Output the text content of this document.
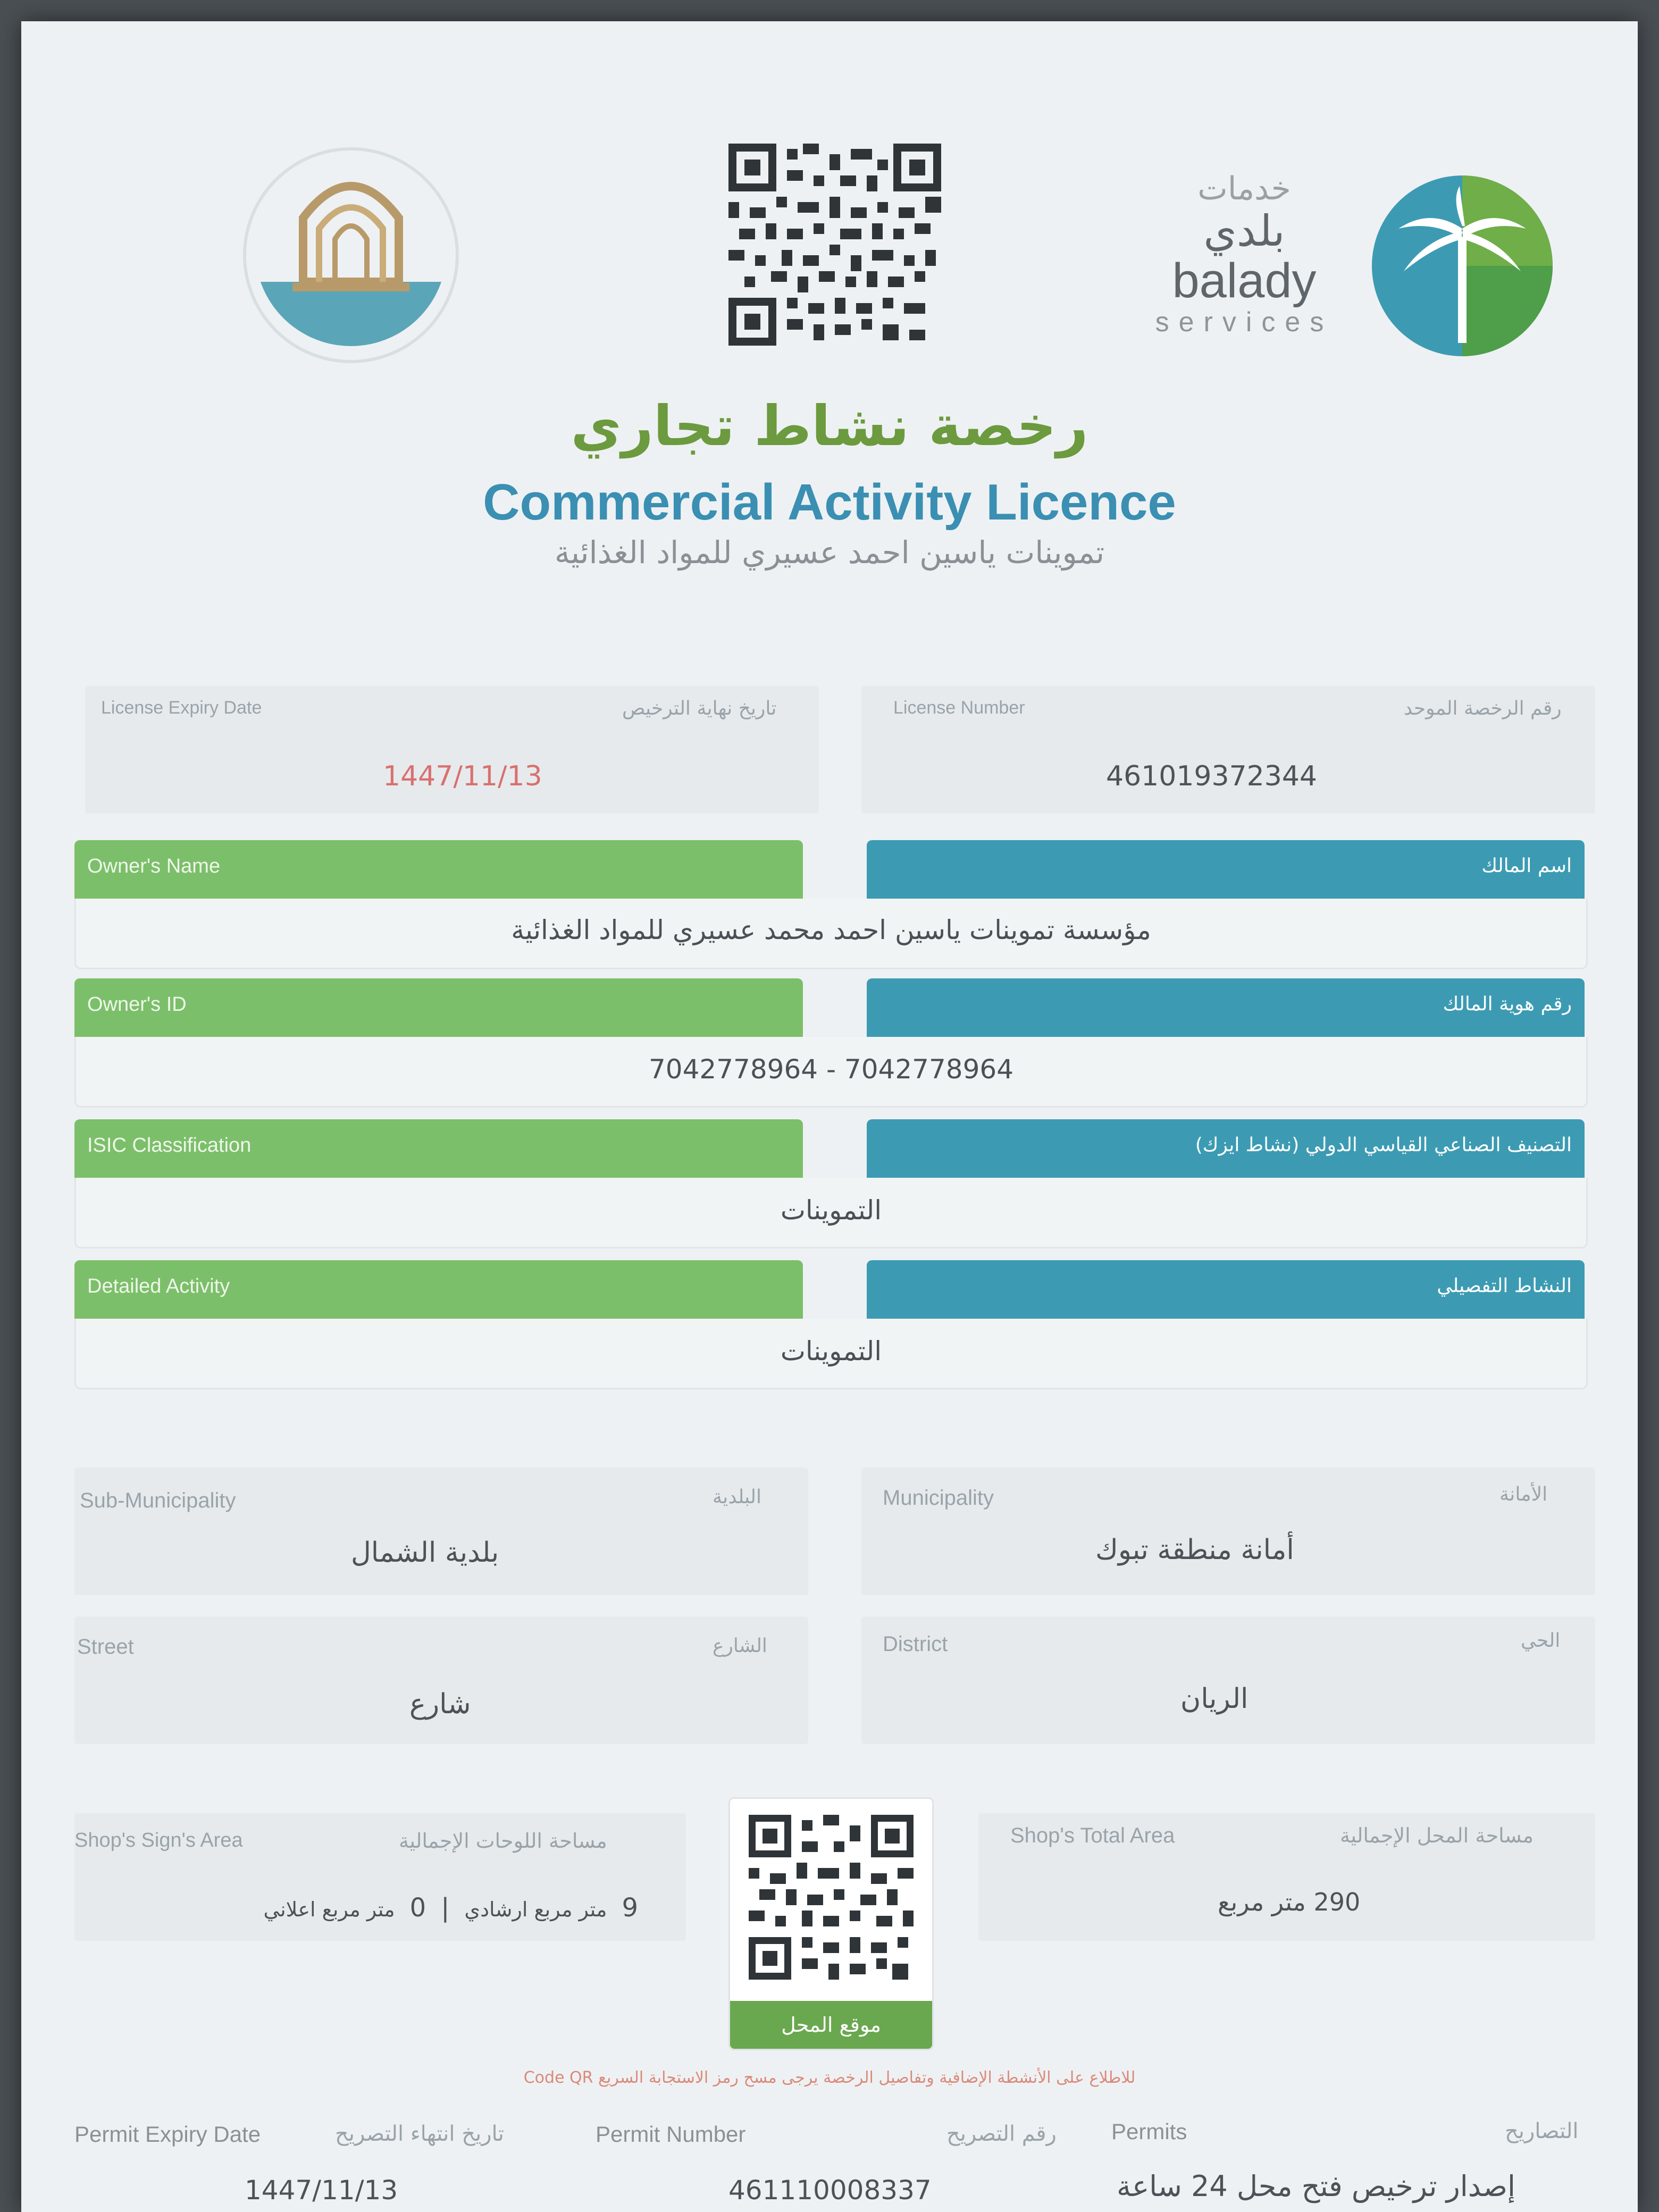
خدمات
بلدي
balady
services
رخصة نشاط تجاري
Commercial Activity Licence
تموينات ياسين احمد عسيري للمواد الغذائية
License Expiry Date	تاريخ نهاية الترخيص
1447/11/13
License Number	رقم الرخصة الموحد
461019372344
Owner's Name	اسم المالك
مؤسسة تموينات ياسين احمد محمد عسيري للمواد الغذائية
Owner's ID	رقم هوية المالك
7042778964 - 7042778964
ISIC Classification	التصنيف الصناعي القياسي الدولي (نشاط ايزك)
التموينات
Detailed Activity	النشاط التفصيلي
التموينات
Sub-Municipality	البلدية
بلدية الشمال
Municipality	الأمانة
أمانة منطقة تبوك
Street	الشارع
شارع
District	الحي
الريان
Shop's Sign's Area	مساحة اللوحات الإجمالية
9
متر مربع ارشادي
|
0
متر مربع اعلاني
Shop's Total Area	مساحة المحل الإجمالية
290 متر مربع
موقع المحل
للاطلاع على الأنشطة الإضافية وتفاصيل الرخصة يرجى مسح رمز الاستجابة السريع Code QR
Permit Expiry Date	تاريخ انتهاء التصريح
1447/11/13
Permit Number	رقم التصريح
461110008337
Permits	التصاريح
إصدار ترخيص فتح محل 24 ساعة
